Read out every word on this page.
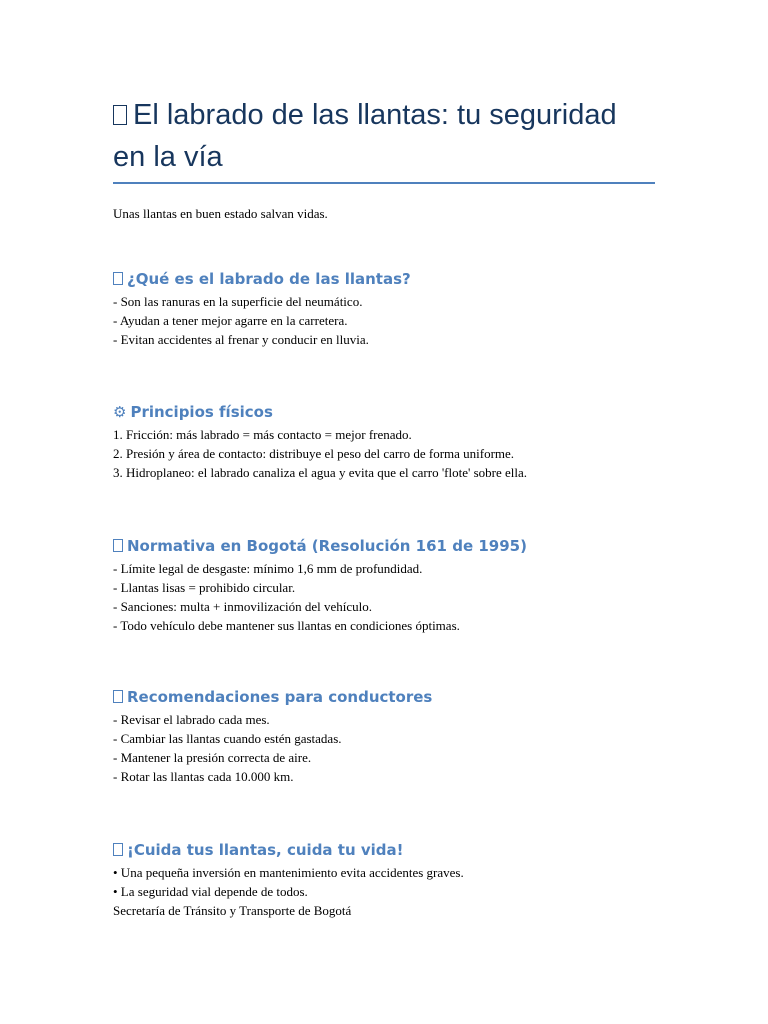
El labrado de las llantas: tu seguridad en la vía

Unas llantas en buen estado salvan vidas.

¿Qué es el labrado de las llantas?
- Son las ranuras en la superficie del neumático.
- Ayudan a tener mejor agarre en la carretera.
- Evitan accidentes al frenar y conducir en lluvia.
⚙ Principios físicos
1. Fricción: más labrado = más contacto = mejor frenado.
2. Presión y área de contacto: distribuye el peso del carro de forma uniforme.
3. Hidroplaneo: el labrado canaliza el agua y evita que el carro 'flote' sobre ella.
Normativa en Bogotá (Resolución 161 de 1995)
- Límite legal de desgaste: mínimo 1,6 mm de profundidad.
- Llantas lisas = prohibido circular.
- Sanciones: multa + inmovilización del vehículo.
- Todo vehículo debe mantener sus llantas en condiciones óptimas.
Recomendaciones para conductores
- Revisar el labrado cada mes.
- Cambiar las llantas cuando estén gastadas.
- Mantener la presión correcta de aire.
- Rotar las llantas cada 10.000 km.
¡Cuida tus llantas, cuida tu vida!
• Una pequeña inversión en mantenimiento evita accidentes graves.
• La seguridad vial depende de todos.
Secretaría de Tránsito y Transporte de Bogotá
